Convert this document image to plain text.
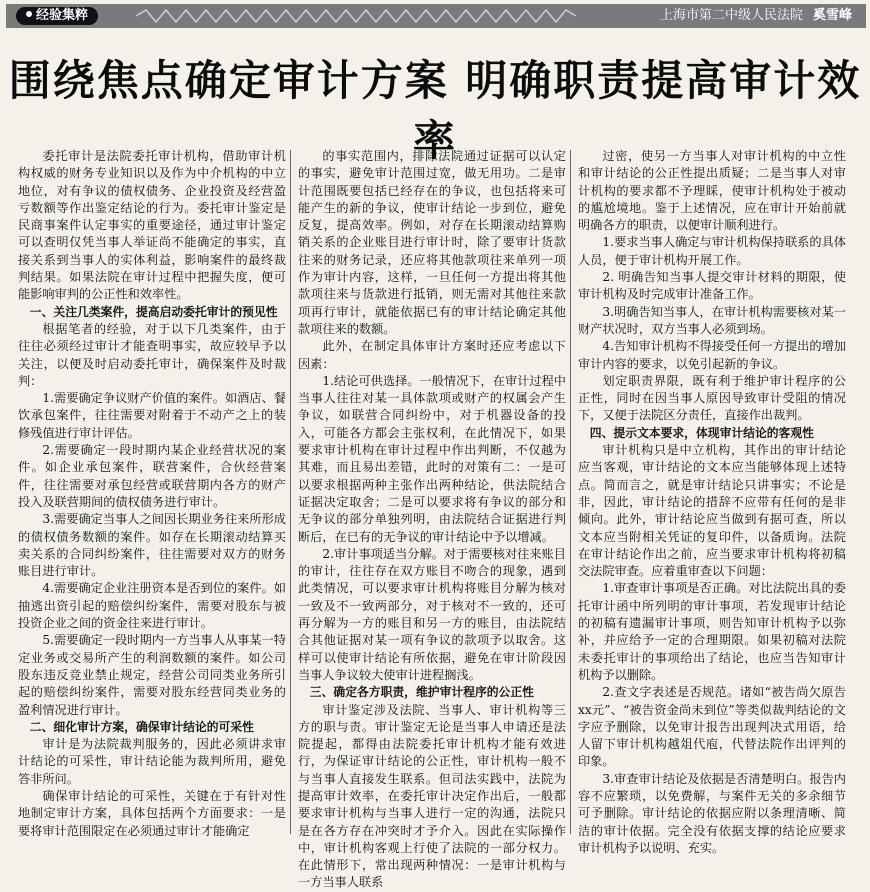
经验集粹	上海市第二中级人民法院 奚雪峰
围绕焦点确定审计方案 明确职责提高审计效率

委托审计是法院委托审计机构，借助审计机构权威的财务专业知识以及作为中介机构的中立地位，对有争议的债权债务、企业投资及经营盈亏数额等作出鉴定结论的行为。委托审计鉴定是民商事案件认定事实的重要途径，通过审计鉴定可以查明仅凭当事人举证尚不能确定的事实，直接关系到当事人的实体利益，影响案件的最终裁判结果。如果法院在审计过程中把握失度，便可能影响审判的公正性和效率性。

一、关注几类案件，提高启动委托审计的预见性

根据笔者的经验，对于以下几类案件，由于往往必须经过审计才能查明事实，故应较早予以关注，以便及时启动委托审计，确保案件及时裁判：

1.需要确定争议财产价值的案件。如酒店、餐饮承包案件，往往需要对附着于不动产之上的装修残值进行审计评估。

2.需要确定一段时期内某企业经营状况的案件。如企业承包案件，联营案件，合伙经营案件，往往需要对承包经营或联营期内各方的财产投入及联营期间的债权债务进行审计。

3.需要确定当事人之间因长期业务往来所形成的债权债务数额的案件。如存在长期滚动结算买卖关系的合同纠纷案件，往往需要对双方的财务账目进行审计。

4.需要确定企业注册资本是否到位的案件。如抽逃出资引起的赔偿纠纷案件，需要对股东与被投资企业之间的资金往来进行审计。

5.需要确定一段时期内一方当事人从事某一特定业务或交易所产生的利润数额的案件。如公司股东违反竞业禁止规定，经营公司同类业务所引起的赔偿纠纷案件，需要对股东经营同类业务的盈利情况进行审计。

二、细化审计方案，确保审计结论的可采性

审计是为法院裁判服务的，因此必须讲求审计结论的可采性，审计结论能为裁判所用，避免答非所问。

确保审计结论的可采性，关键在于有针对性地制定审计方案，具体包括两个方面要求：一是要将审计范围限定在必须通过审计才能确定

的事实范围内，排除法院通过证据可以认定的事实，避免审计范围过宽，做无用功。二是审计范围既要包括已经存在的争议，也包括将来可能产生的新的争议，使审计结论一步到位，避免反复，提高效率。例如，对存在长期滚动结算购销关系的企业账目进行审计时，除了要审计货款往来的财务记录，还应将其他款项往来单列一项作为审计内容，这样，一旦任何一方提出将其他款项往来与货款进行抵销，则无需对其他往来款项再行审计，就能依据已有的审计结论确定其他款项往来的数额。

此外，在制定具体审计方案时还应考虑以下因素：

1.结论可供选择。一般情况下，在审计过程中当事人往往对某一具体款项或财产的权属会产生争议，如联营合同纠纷中，对于机器设备的投入，可能各方都会主张权利，在此情况下，如果要求审计机构在审计过程中作出判断，不仅越为其难，而且易出差错，此时的对策有二：一是可以要求根据两种主张作出两种结论，供法院结合证据决定取舍；二是可以要求将有争议的部分和无争议的部分单独列明，由法院结合证据进行判断后，在已有的无争议的审计结论中予以增减。

2.审计事项适当分解。对于需要核对往来账目的审计，往往存在双方账目不吻合的现象，遇到此类情况，可以要求审计机构将账目分解为核对一致及不一致两部分，对于核对不一致的，还可再分解为一方的账目和另一方的账目，由法院结合其他证据对某一项有争议的款项予以取舍。这样可以使审计结论有所依据，避免在审计阶段因当事人争议较大使审计进程搁浅。

三、确定各方职责，维护审计程序的公正性

审计鉴定涉及法院、当事人、审计机构等三方的职与责。审计鉴定无论是当事人申请还是法院提起，都得由法院委托审计机构才能有效进行，为保证审计结论的公正性，审计机构一般不与当事人直接发生联系。但司法实践中，法院为提高审计效率，在委托审计决定作出后，一般都要求审计机构与当事人进行一定的沟通，法院只是在各方存在冲突时才予介入。因此在实际操作中，审计机构客观上行使了法院的一部分权力。在此情形下，常出现两种情况：一是审计机构与一方当事人联系

过密，使另一方当事人对审计机构的中立性和审计结论的公正性提出质疑；二是当事人对审计机构的要求都不予理睬，使审计机构处于被动的尴尬境地。鉴于上述情况，应在审计开始前就明确各方的职责，以便审计顺利进行。

1.要求当事人确定与审计机构保持联系的具体人员，便于审计机构开展工作。

2. 明确告知当事人提交审计材料的期限，使审计机构及时完成审计准备工作。

3.明确告知当事人，在审计机构需要核对某一财产状况时，双方当事人必须到场。

4.告知审计机构不得接受任何一方提出的增加审计内容的要求，以免引起新的争议。

划定职责界限，既有利于维护审计程序的公正性，同时在因当事人原因导致审计受阻的情况下，又便于法院区分责任，直接作出裁判。

四、提示文本要求，体现审计结论的客观性

审计机构只是中立机构，其作出的审计结论应当客观，审计结论的文本应当能够体现上述特点。简而言之，就是审计结论只讲事实；不论是非，因此，审计结论的措辞不应带有任何的是非倾向。此外，审计结论应当做到有据可查，所以文本应当附相关凭证的复印件，以备质询。法院在审计结论作出之前，应当要求审计机构将初稿交法院审查。应着重审查以下问题：

1.审查审计事项是否正确。对比法院出具的委托审计函中所列明的审计事项，若发现审计结论的初稿有遗漏审计事项，则告知审计机构予以弥补，并应给予一定的合理期限。如果初稿对法院未委托审计的事项给出了结论，也应当告知审计机构予以删除。

2.查文字表述是否规范。诸如“被告尚欠原告xx元”、“被告资金尚未到位”等类似裁判结论的文字应予删除，以免审计报告出现判决式用语，给人留下审计机构越俎代庖，代替法院作出评判的印象。

3.审查审计结论及依据是否清楚明白。报告内容不应繁琐，以免费解，与案件无关的多余细节可予删除。审计结论的依据应附以条理清晰、简洁的审计依据。完全没有依据支撑的结论应要求审计机构予以说明、充实。
